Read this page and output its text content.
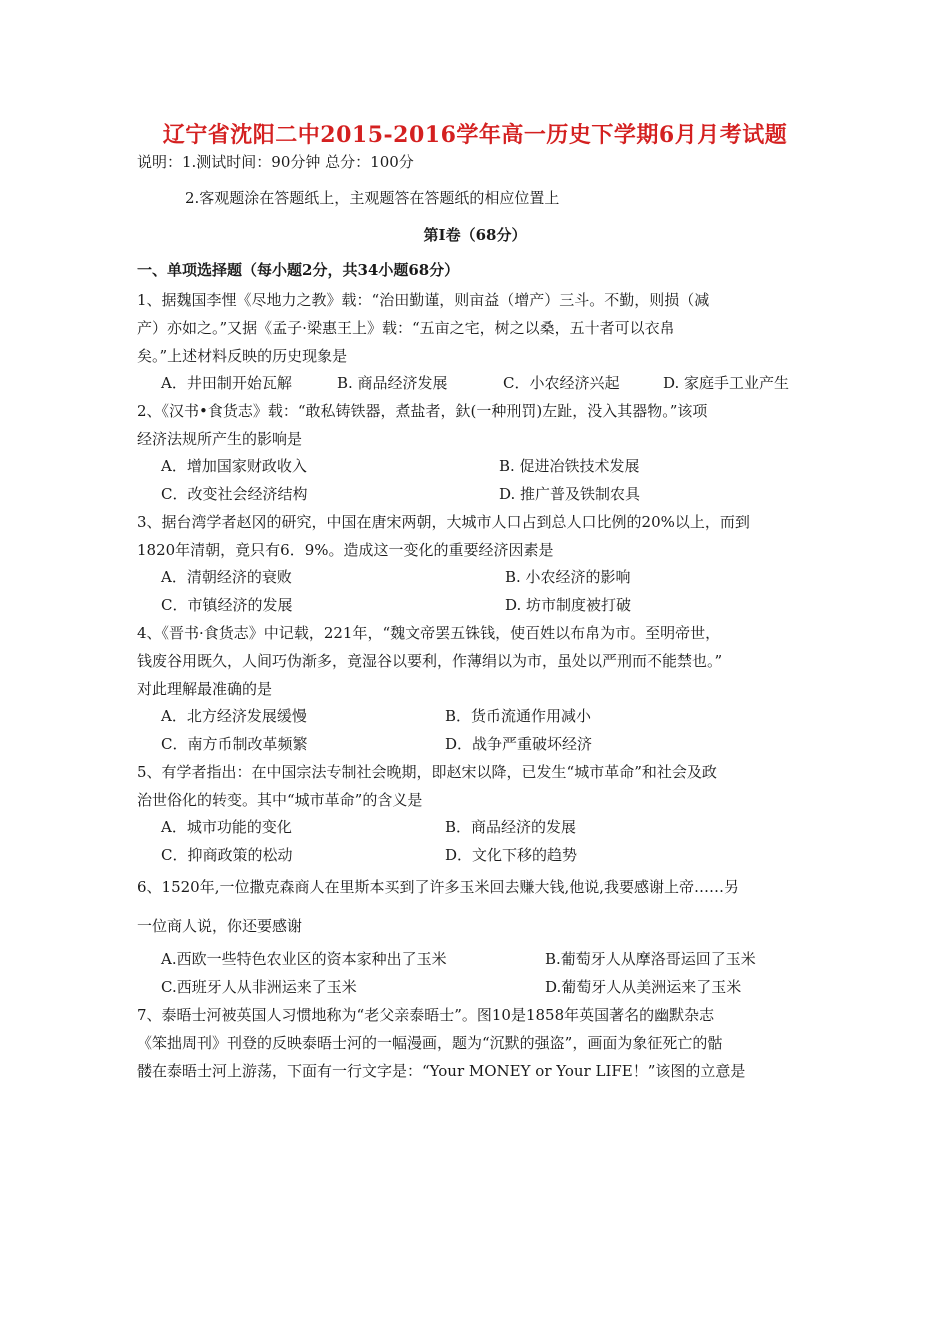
辽宁省沈阳二中2015-2016学年高一历史下学期6月月考试题
说明：1.测试时间：90分钟 总分：100分
2.客观题涂在答题纸上，主观题答在答题纸的相应位置上
第Ⅰ卷（68分）
一、单项选择题（每小题2分，共34小题68分）
1、据魏国李悝《尽地力之教》载：“治田勤谨，则亩益（增产）三斗。不勤，则损（减
产）亦如之。”又据《孟子·梁惠王上》载：“五亩之宅，树之以桑，五十者可以衣帛
矣。”上述材料反映的历史现象是
A．井田制开始瓦解	B. 商品经济发展	C．小农经济兴起	D. 家庭手工业产生
2、《汉书•食货志》载：“敢私铸铁器，煮盐者，釱(一种刑罚)左趾，没入其器物。”该项
经济法规所产生的影响是
A．增加国家财政收入	B. 促进冶铁技术发展
C．改变社会经济结构	D. 推广普及铁制农具
3、据台湾学者赵冈的研究，中国在唐宋两朝，大城市人口占到总人口比例的20%以上，而到
1820年清朝，竟只有6．9%。造成这一变化的重要经济因素是
A．清朝经济的衰败	B. 小农经济的影响
C．市镇经济的发展	D. 坊市制度被打破
4、《晋书·食货志》中记载，221年，“魏文帝罢五铢钱，使百姓以布帛为市。至明帝世，
钱废谷用既久，人间巧伪渐多，竟湿谷以要利，作薄绢以为市，虽处以严刑而不能禁也。”
对此理解最准确的是
A．北方经济发展缓慢	B．货币流通作用减小
C．南方币制改革频繁	D．战争严重破坏经济
5、有学者指出：在中国宗法专制社会晚期，即赵宋以降，已发生“城市革命”和社会及政
治世俗化的转变。其中“城市革命”的含义是
A．城市功能的变化	B．商品经济的发展
C．抑商政策的松动	D．文化下移的趋势
6、1520年,一位撒克森商人在里斯本买到了许多玉米回去赚大钱,他说,我要感谢上帝……另
一位商人说，你还要感谢
A.西欧一些特色农业区的资本家种出了玉米	B.葡萄牙人从摩洛哥运回了玉米
C.西班牙人从非洲运来了玉米	D.葡萄牙人从美洲运来了玉米
7、泰晤士河被英国人习惯地称为“老父亲泰晤士”。图10是1858年英国著名的幽默杂志
《笨拙周刊》刊登的反映泰晤士河的一幅漫画，题为“沉默的强盗”，画面为象征死亡的骷
髅在泰晤士河上游荡，下面有一行文字是：“Your MONEY or Your LIFE！”该图的立意是
